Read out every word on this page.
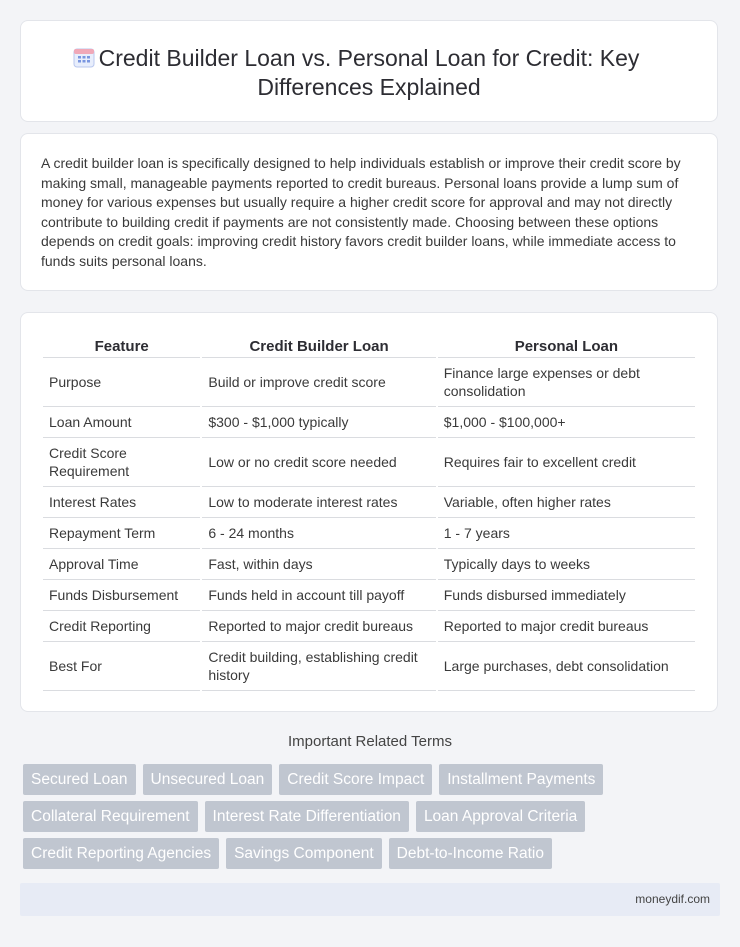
Credit Builder Loan vs. Personal Loan for Credit: Key Differences Explained
A credit builder loan is specifically designed to help individuals establish or improve their credit score by making small, manageable payments reported to credit bureaus. Personal loans provide a lump sum of money for various expenses but usually require a higher credit score for approval and may not directly contribute to building credit if payments are not consistently made. Choosing between these options depends on credit goals: improving credit history favors credit builder loans, while immediate access to funds suits personal loans.
Feature	Credit Builder Loan	Personal Loan
Purpose	Build or improve credit score	Finance large expenses or debt consolidation
Loan Amount	$300 - $1,000 typically	$1,000 - $100,000+
Credit Score Requirement	Low or no credit score needed	Requires fair to excellent credit
Interest Rates	Low to moderate interest rates	Variable, often higher rates
Repayment Term	6 - 24 months	1 - 7 years
Approval Time	Fast, within days	Typically days to weeks
Funds Disbursement	Funds held in account till payoff	Funds disbursed immediately
Credit Reporting	Reported to major credit bureaus	Reported to major credit bureaus
Best For	Credit building, establishing credit history	Large purchases, debt consolidation
Important Related Terms
Secured Loan	Unsecured Loan	Credit Score Impact	Installment Payments
Collateral Requirement	Interest Rate Differentiation	Loan Approval Criteria
Credit Reporting Agencies	Savings Component	Debt-to-Income Ratio
moneydif.com
